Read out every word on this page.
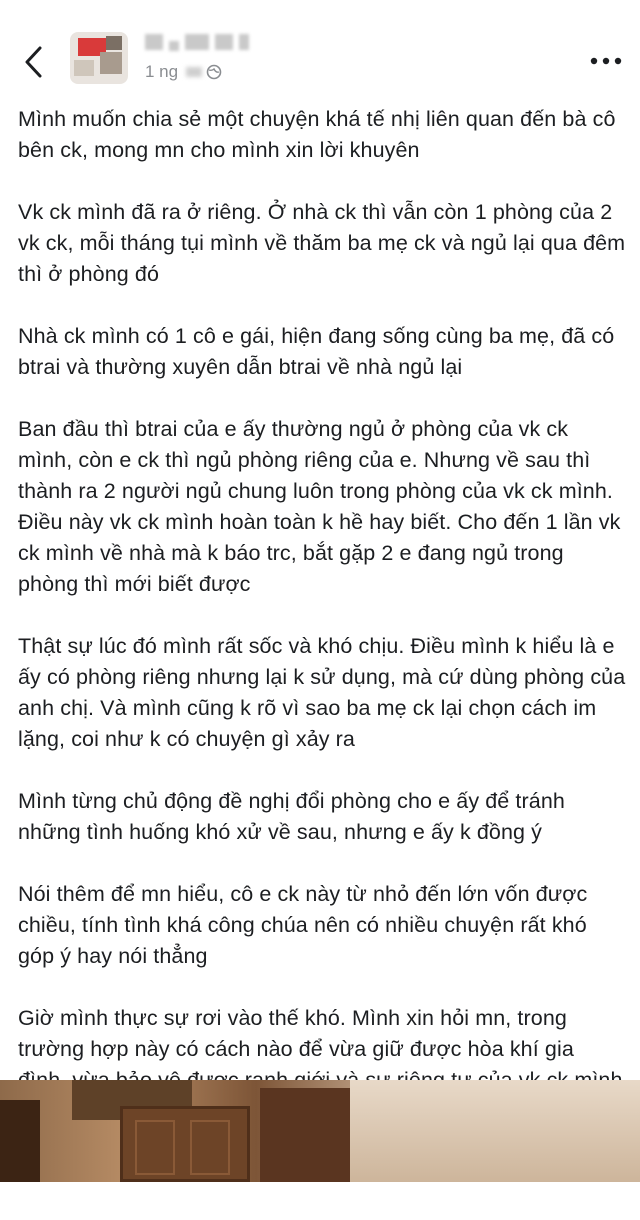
1 ng

Mình muốn chia sẻ một chuyện khá tế nhị liên quan đến bà cô bên ck, mong mn cho mình xin lời khuyên

Vk ck mình đã ra ở riêng. Ở nhà ck thì vẫn còn 1 phòng của 2 vk ck, mỗi tháng tụi mình về thăm ba mẹ ck và ngủ lại qua đêm thì ở phòng đó

Nhà ck mình có 1 cô e gái, hiện đang sống cùng ba mẹ, đã có btrai và thường xuyên dẫn btrai về nhà ngủ lại

Ban đầu thì btrai của e ấy thường ngủ ở phòng của vk ck mình, còn e ck thì ngủ phòng riêng của e. Nhưng về sau thì thành ra 2 người ngủ chung luôn trong phòng của vk ck mình. Điều này vk ck mình hoàn toàn k hề hay biết. Cho đến 1 lần vk ck mình về nhà mà k báo trc, bắt gặp 2 e đang ngủ trong phòng thì mới biết được

Thật sự lúc đó mình rất sốc và khó chịu. Điều mình k hiểu là e ấy có phòng riêng nhưng lại k sử dụng, mà cứ dùng phòng của anh chị. Và mình cũng k rõ vì sao ba mẹ ck lại chọn cách im lặng, coi như k có chuyện gì xảy ra

Mình từng chủ động đề nghị đổi phòng cho e ấy để tránh những tình huống khó xử về sau, nhưng e ấy k đồng ý

Nói thêm để mn hiểu, cô e ck này từ nhỏ đến lớn vốn được chiều, tính tình khá công chúa nên có nhiều chuyện rất khó góp ý hay nói thẳng

Giờ mình thực sự rơi vào thế khó. Mình xin hỏi mn, trong trường hợp này có cách nào để vừa giữ được hòa khí gia
